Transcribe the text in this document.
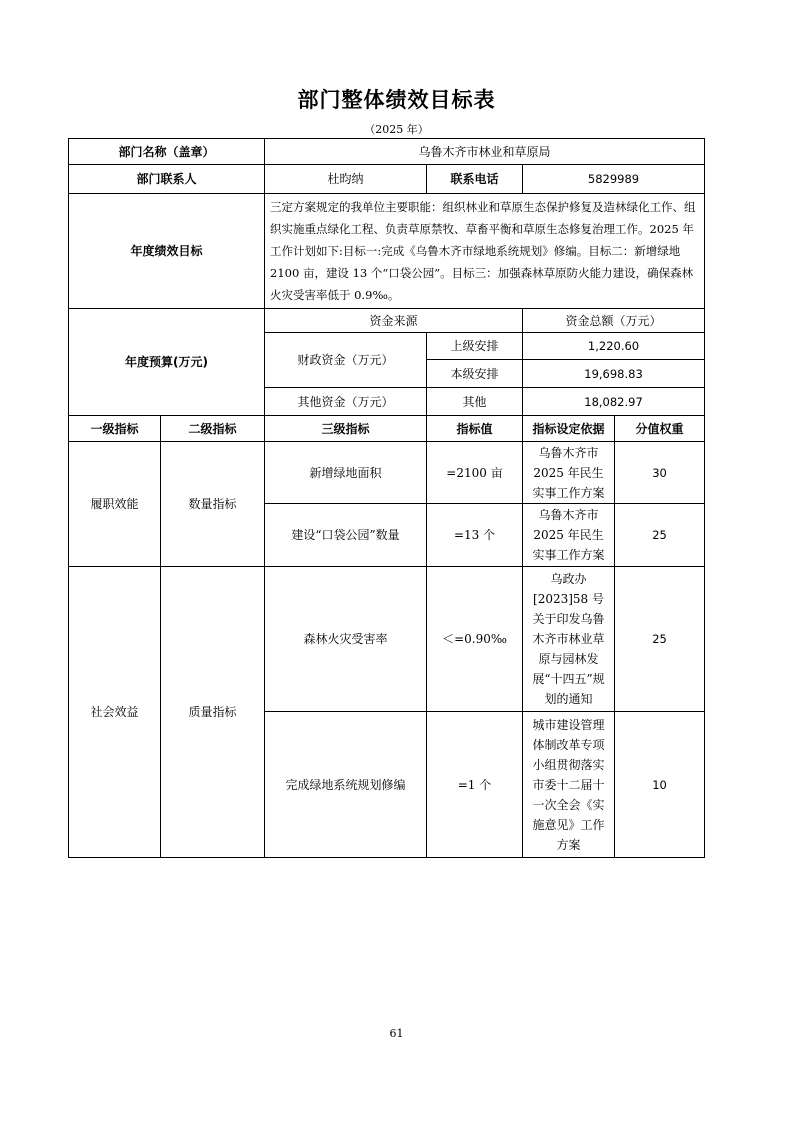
部门整体绩效目标表
（2025 年）
部门名称（盖章）		乌鲁木齐市林业和草原局			
部门联系人		杜昀纳	联系电话	5829989	
年度绩效目标		三定方案规定的我单位主要职能：组织林业和草原生态保护修复及造林绿化工作、组织实施重点绿化工程、负责草原禁牧、草畜平衡和草原生态修复治理工作。2025 年工作计划如下:目标一:完成《乌鲁木齐市绿地系统规划》修编。目标二：新增绿地 2100 亩，建设 13 个“口袋公园”。目标三：加强森林草原防火能力建设，确保森林火灾受害率低于 0.9‰。			
年度预算(万元)		资金来源		资金总额（万元）	
		财政资金（万元）	上级安排	1,220.60	
			本级安排	19,698.83	
		其他资金（万元）	其他	18,082.97	
一级指标	二级指标	三级指标	指标值	指标设定依据	分值权重
履职效能	数量指标	新增绿地面积	=2100 亩	乌鲁木齐市2025 年民生实事工作方案	30
		建设“口袋公园”数量	=13 个	乌鲁木齐市2025 年民生实事工作方案	25
社会效益	质量指标	森林火灾受害率	＜=0.90‰	乌政办[2023]58 号关于印发乌鲁木齐市林业草原与园林发展“十四五”规划的通知	25
		完成绿地系统规划修编	=1 个	城市建设管理体制改革专项小组贯彻落实市委十二届十一次全会《实施意见》工作方案	10
61
